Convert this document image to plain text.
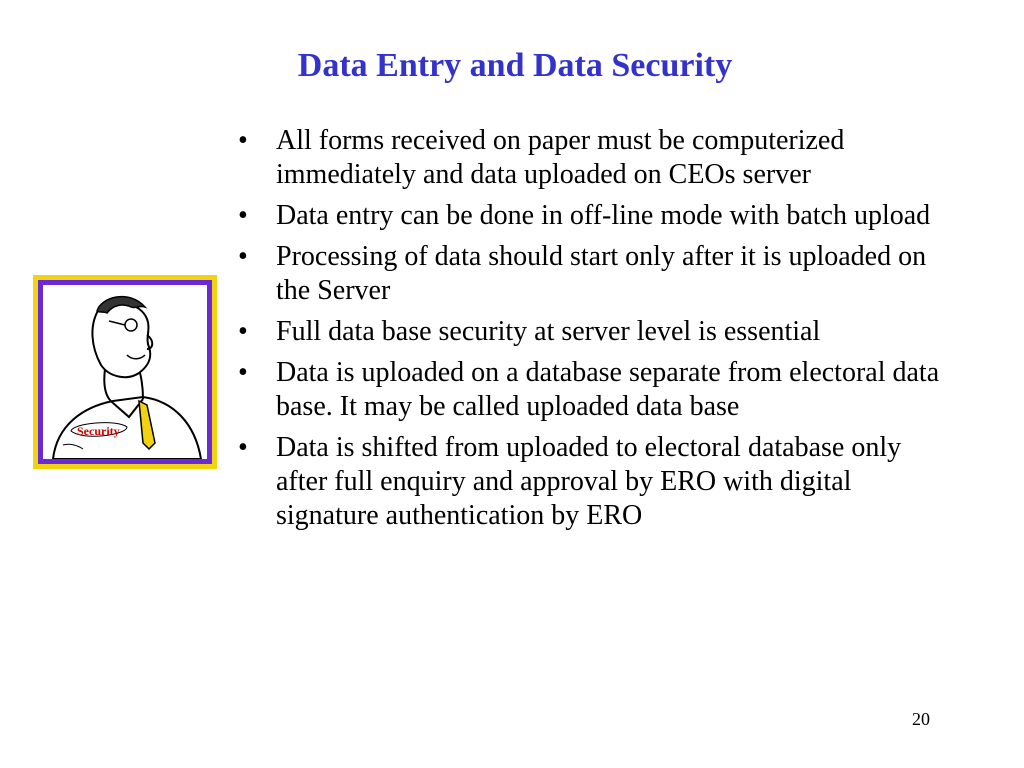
Data Entry and Data Security
Security
•	All forms received on paper must be computerized immediately and data uploaded on CEOs server
•	Data entry can be done in off-line mode with batch upload
•	Processing of data should start only after it is uploaded on the Server
•	Full data base security at server level is essential
•	Data is uploaded on a database separate from electoral data base. It may be called uploaded data base
•	Data is shifted from uploaded to electoral database only after full enquiry and approval by ERO with digital signature authentication by ERO
20
